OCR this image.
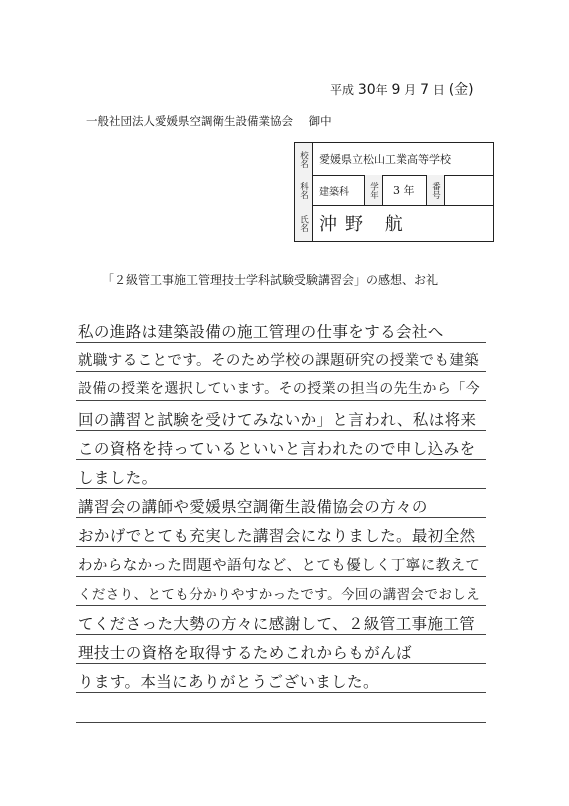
平成 30年 9 月 7 日 (金)
一般社団法人愛媛県空調衛生設備業協会 御中
校名 愛媛県立松山工業高等学校
科名 建築科 学年 3 年 番号
氏名 沖野 航
「２級管工事施工管理技士学科試験受験講習会」の感想、お礼
私の進路は建築設備の施工管理の仕事をする会社へ
就職することです。そのため学校の課題研究の授業でも建築
設備の授業を選択しています。その授業の担当の先生から「今
回の講習と試験を受けてみないか」と言われ、私は将来
この資格を持っているといいと言われたので申し込みを
しました。
講習会の講師や愛媛県空調衛生設備協会の方々の
おかげでとても充実した講習会になりました。最初全然
わからなかった問題や語句など、とても優しく丁寧に教えて
くださり、とても分かりやすかったです。今回の講習会でおしえ
てくださった大勢の方々に感謝して、２級管工事施工管
理技士の資格を取得するためこれからもがんば
ります。本当にありがとうございました。
